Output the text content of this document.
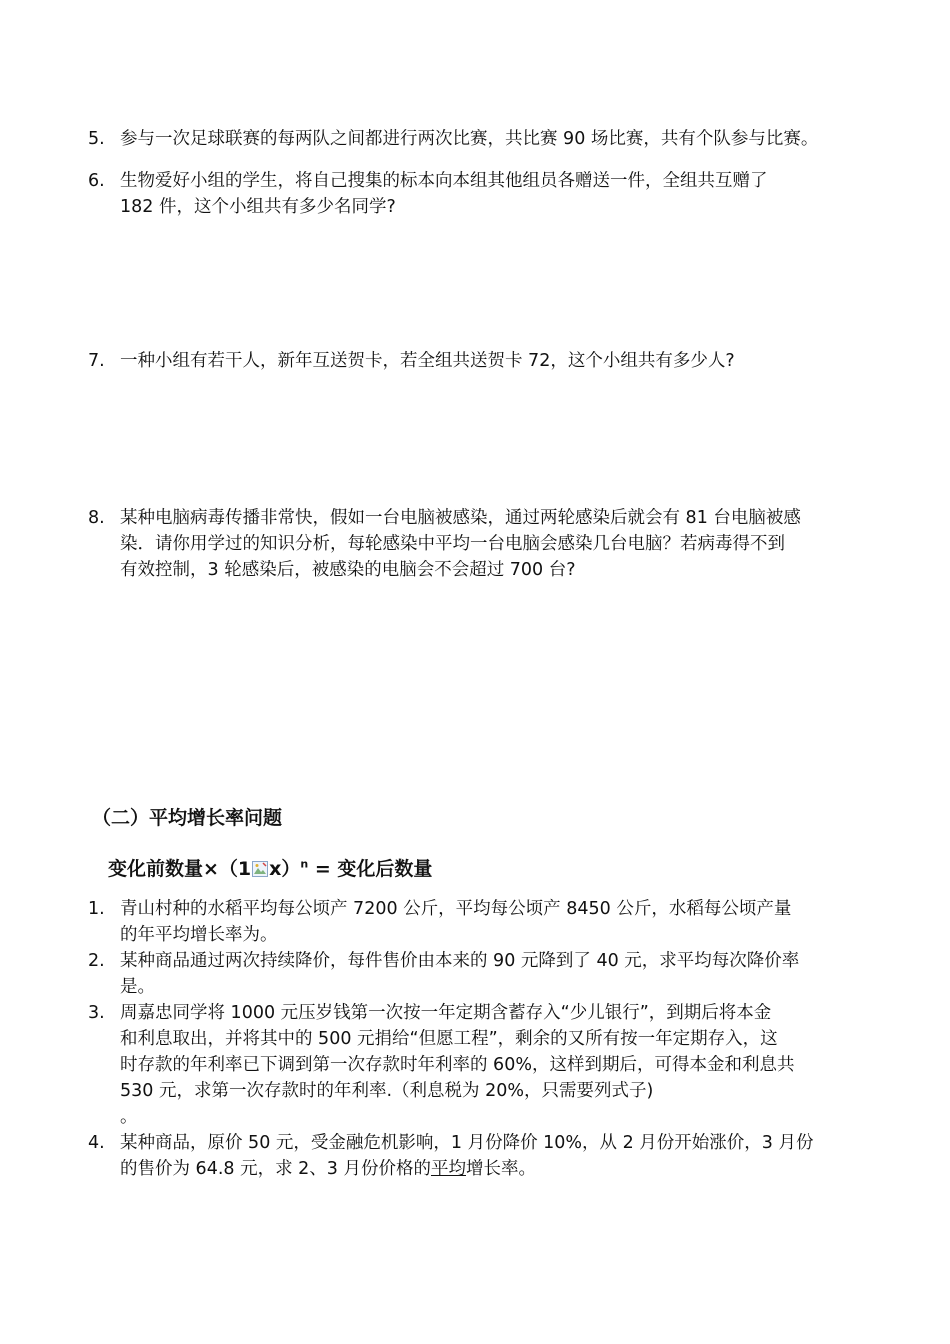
5. 参与一次足球联赛的每两队之间都进行两次比赛，共比赛 90 场比赛，共有个队参与比赛。
6. 生物爱好小组的学生，将自己搜集的标本向本组其他组员各赠送一件，全组共互赠了
182 件，这个小组共有多少名同学?
7. 一种小组有若干人，新年互送贺卡，若全组共送贺卡 72，这个小组共有多少人?
8. 某种电脑病毒传播非常快，假如一台电脑被感染，通过两轮感染后就会有 81 台电脑被感
染．请你用学过的知识分析，每轮感染中平均一台电脑会感染几台电脑？若病毒得不到
有效控制，3 轮感染后，被感染的电脑会不会超过 700 台?
（二）平均增长率问题
变化前数量×（1 x）$^n$ = 变化后数量
1. 青山村种的水稻平均每公顷产 7200 公斤，平均每公顷产 8450 公斤，水稻每公顷产量
的年平均增长率为。
2. 某种商品通过两次持续降价，每件售价由本来的 90 元降到了 40 元，求平均每次降价率
是。
3. 周嘉忠同学将 1000 元压岁钱第一次按一年定期含蓄存入“少儿银行”，到期后将本金
和利息取出，并将其中的 500 元捐给“但愿工程”，剩余的又所有按一年定期存入，这
时存款的年利率已下调到第一次存款时年利率的 60%，这样到期后，可得本金和利息共
530 元，求第一次存款时的年利率.（利息税为 20%，只需要列式子)
。
4. 某种商品，原价 50 元，受金融危机影响，1 月份降价 10%，从 2 月份开始涨价，3 月份
的售价为 64.8 元，求 2、3 月份价格的平均增长率。
